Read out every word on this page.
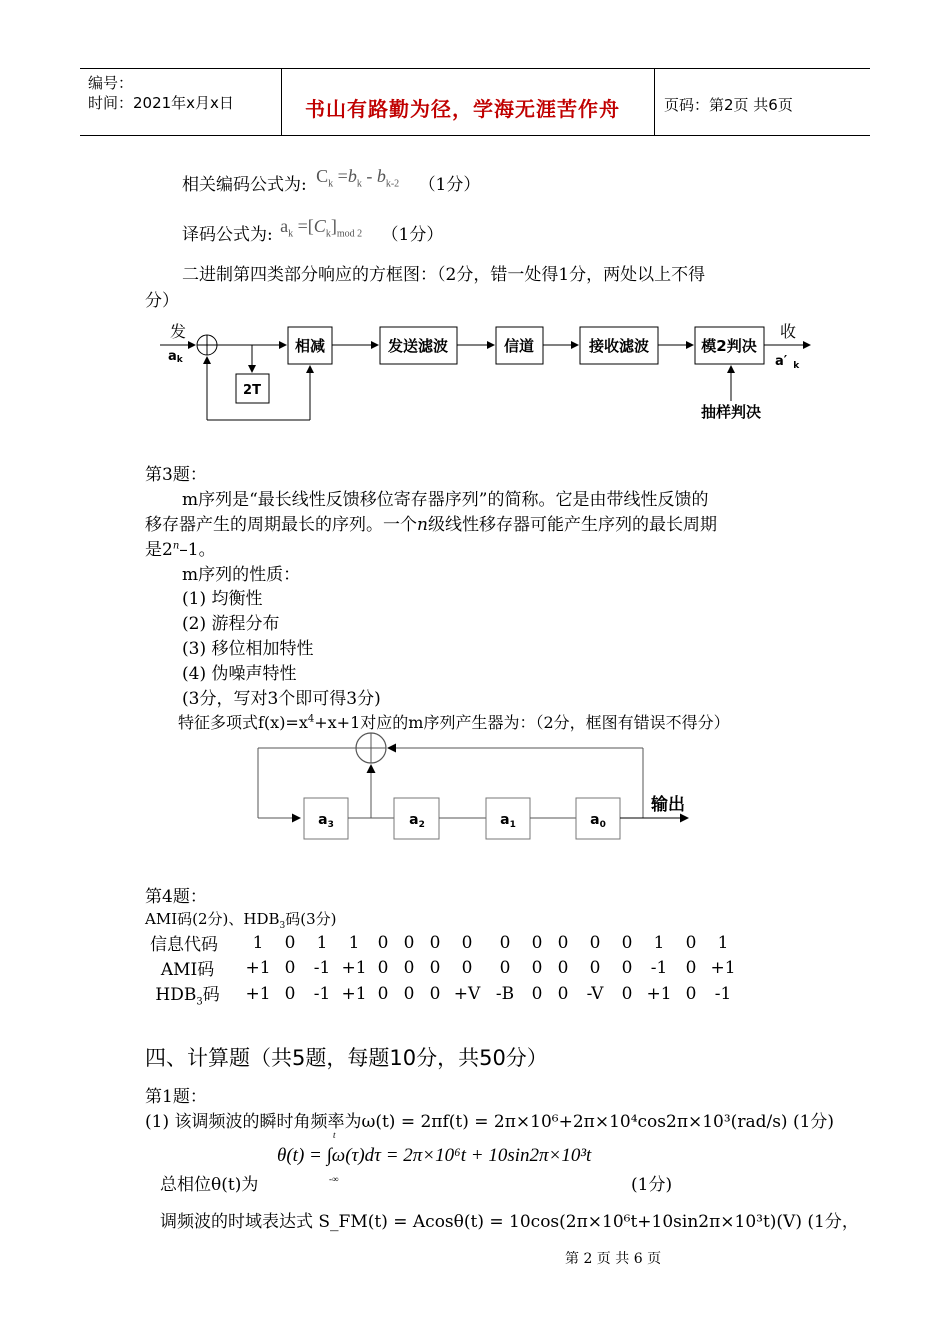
编号：
时间：2021年x月x日	书山有路勤为径，学海无涯苦作舟	页码：第2页 共6页
相关编码公式为: $C_k =b_k - b_{k-2}$ （1分）
译码公式为: $a_k =[C_k]_{mod 2}$ （1分）
二进制第四类部分响应的方框图：（2分，错一处得1分，两处以上不得
分）
发
ak
2T
相减	发送滤波	信道	接收滤波	模2判决
收
a′ $_k$
抽样判决
第3题：
m序列是“最长线性反馈移位寄存器序列”的简称。它是由带线性反馈的
移存器产生的周期最长的序列。一个n级线性移存器可能产生序列的最长周期
是2$^n$–1。
m序列的性质：
(1) 均衡性
(2) 游程分布
(3) 移位相加特性
(4) 伪噪声特性
(3分，写对3个即可得3分)
特征多项式$f(x)=x^4+x+1$对应的m序列产生器为：（2分，框图有错误不得分）
$a_3$	$a_2$	$a_1$	$a_0$
输出
第4题：
AMI码(2分)、$HDB_3$码(3分)
信息代码	1	0	1	1	0	0	0	0	0	0	0	0	0	1	0	1
AMI码	+1	0	-1	+1	0	0	0	0	0	0	0	0	0	-1	0	+1
$HDB_3$码	+1	0	-1	+1	0	0	0	+V	-B	0	0	-V	0	+1	0	-1
四、计算题（共5题，每题10分，共50分）
第1题：
(1) 该调频波的瞬时角频率为ω(t) = 2πf(t) = 2π×10⁶+2π×10⁴cos2π×10³(rad/s) (1分)
t
θ(t) = ∫ω(τ)dτ = 2π×10⁶t + 10sin2π×10³t
-∞
总相位θ(t)为	(1分)
调频波的时域表达式 S_FM(t) = Acosθ(t) = 10cos(2π×10⁶t+10sin2π×10³t)(V) (1分，
第 2 页 共 6 页
